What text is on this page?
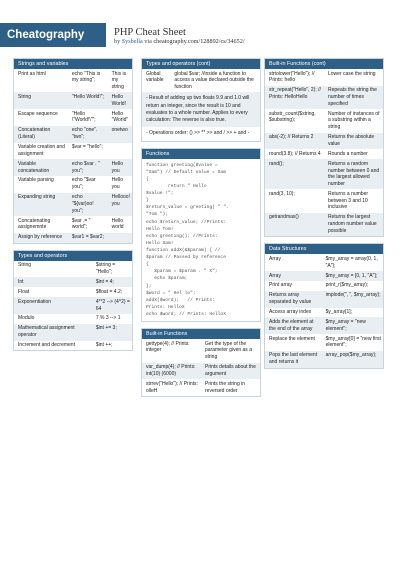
Cheatography	PHP Cheat Sheet
by Sysbella via cheatography.com/128892/cs/34652/
Strings and variables
Print as html	echo "This is my string";	This is my string
String	"Hello World!";	Hello World!
Escape sequence	"Hello \"World!\"";	Hello "World"
Concatenation (Literal)	echo "one". "two";	onetwo
Variable creation and assignment	$var = "hello";	
Variable concatenation	echo $var . " you";	Hello you
Variable parsing	echo "$var you";	Hello you
Expanding string	echo "${var}oo! you";	Hellooo! you
Concatenating assignemnte	$var .= " world";	Hello world
Assign by reference	$var1 = $var2;	
Types and operators
String	$string = "Hello";
Int	$int = 4;
Float	$float = 4.2;
Exponentiation	4**2 --> (4^2) = 64
Modulo	7 % 3 --> 1
Mathematical assignment operator	$int += 3;
Increment and decrement	$int ++;
Types and operators (cont)
Global variable	global $var; //inside a function to access a value declared outside the function
- Result of adding up two floats 9.9 and 1.0 will return an integer, since the result is 10 and evaluates to a whole number. Applies to every calculation: The reverse is also true.
- Operations order: () >> ** >> and / >> + and -
Functions
function greeting($value =
"Sam") // Default value = Sam
{
return " Hello
$value !";
}
$return_value = greeting( " ".
"Tom ");
echo $return_value; //Prints:
Hello Tom!
echo greeting(); //Prints:
Hello Sam!
function addX(&$param) { //
$param // Passed by reference
{
$param = $param . " X";
echo $param;
};
$word = " Hel lo";
addX($word);   // Prints:
Prints: HelloX
echo $word; // Prints: HelloX
Built-in Functions
gettype(4); // Prints: integer	Get the type of the parameter given as a string
var_dump(4); // Prints: int(10) (6000)	Prints details about the argument
strrev("Hello"); // Prints: olleH	Prints the string in reversed order
Built-in Functions (cont)
strtolower("Hello"); // Prints: hello	Lower case the string
str_repeat("Hello", 2); // Prints: HelloHello	Repeats the string the number of times specified
substr_count($string, $substring);	Number of instances of a substring within a string
abs(-2); // Returns 2	Returns the absolute value
round(3.8); // Returns 4	Rounds a number
rand();	Returns a random number between 0 and the largest allowed number
rand(3, 10);	Returns a number between 3 and 10 inclusive
getrandmax()	Returns the largest random number value possible
Data Structures
Array	$my_array = array(0, 1, "A");
Array	$my_array = [0, 1, "A"];
Print array	print_r($my_array);
Returns array separated by value	implode(", ", $my_array);
Access array index	$y_array[1];
Adds the element at the end of the array	$my_array = "new element";
Replace the element	$my_array[0] = "new first element";
Pops the last element and returns it	array_pop($my_array);
